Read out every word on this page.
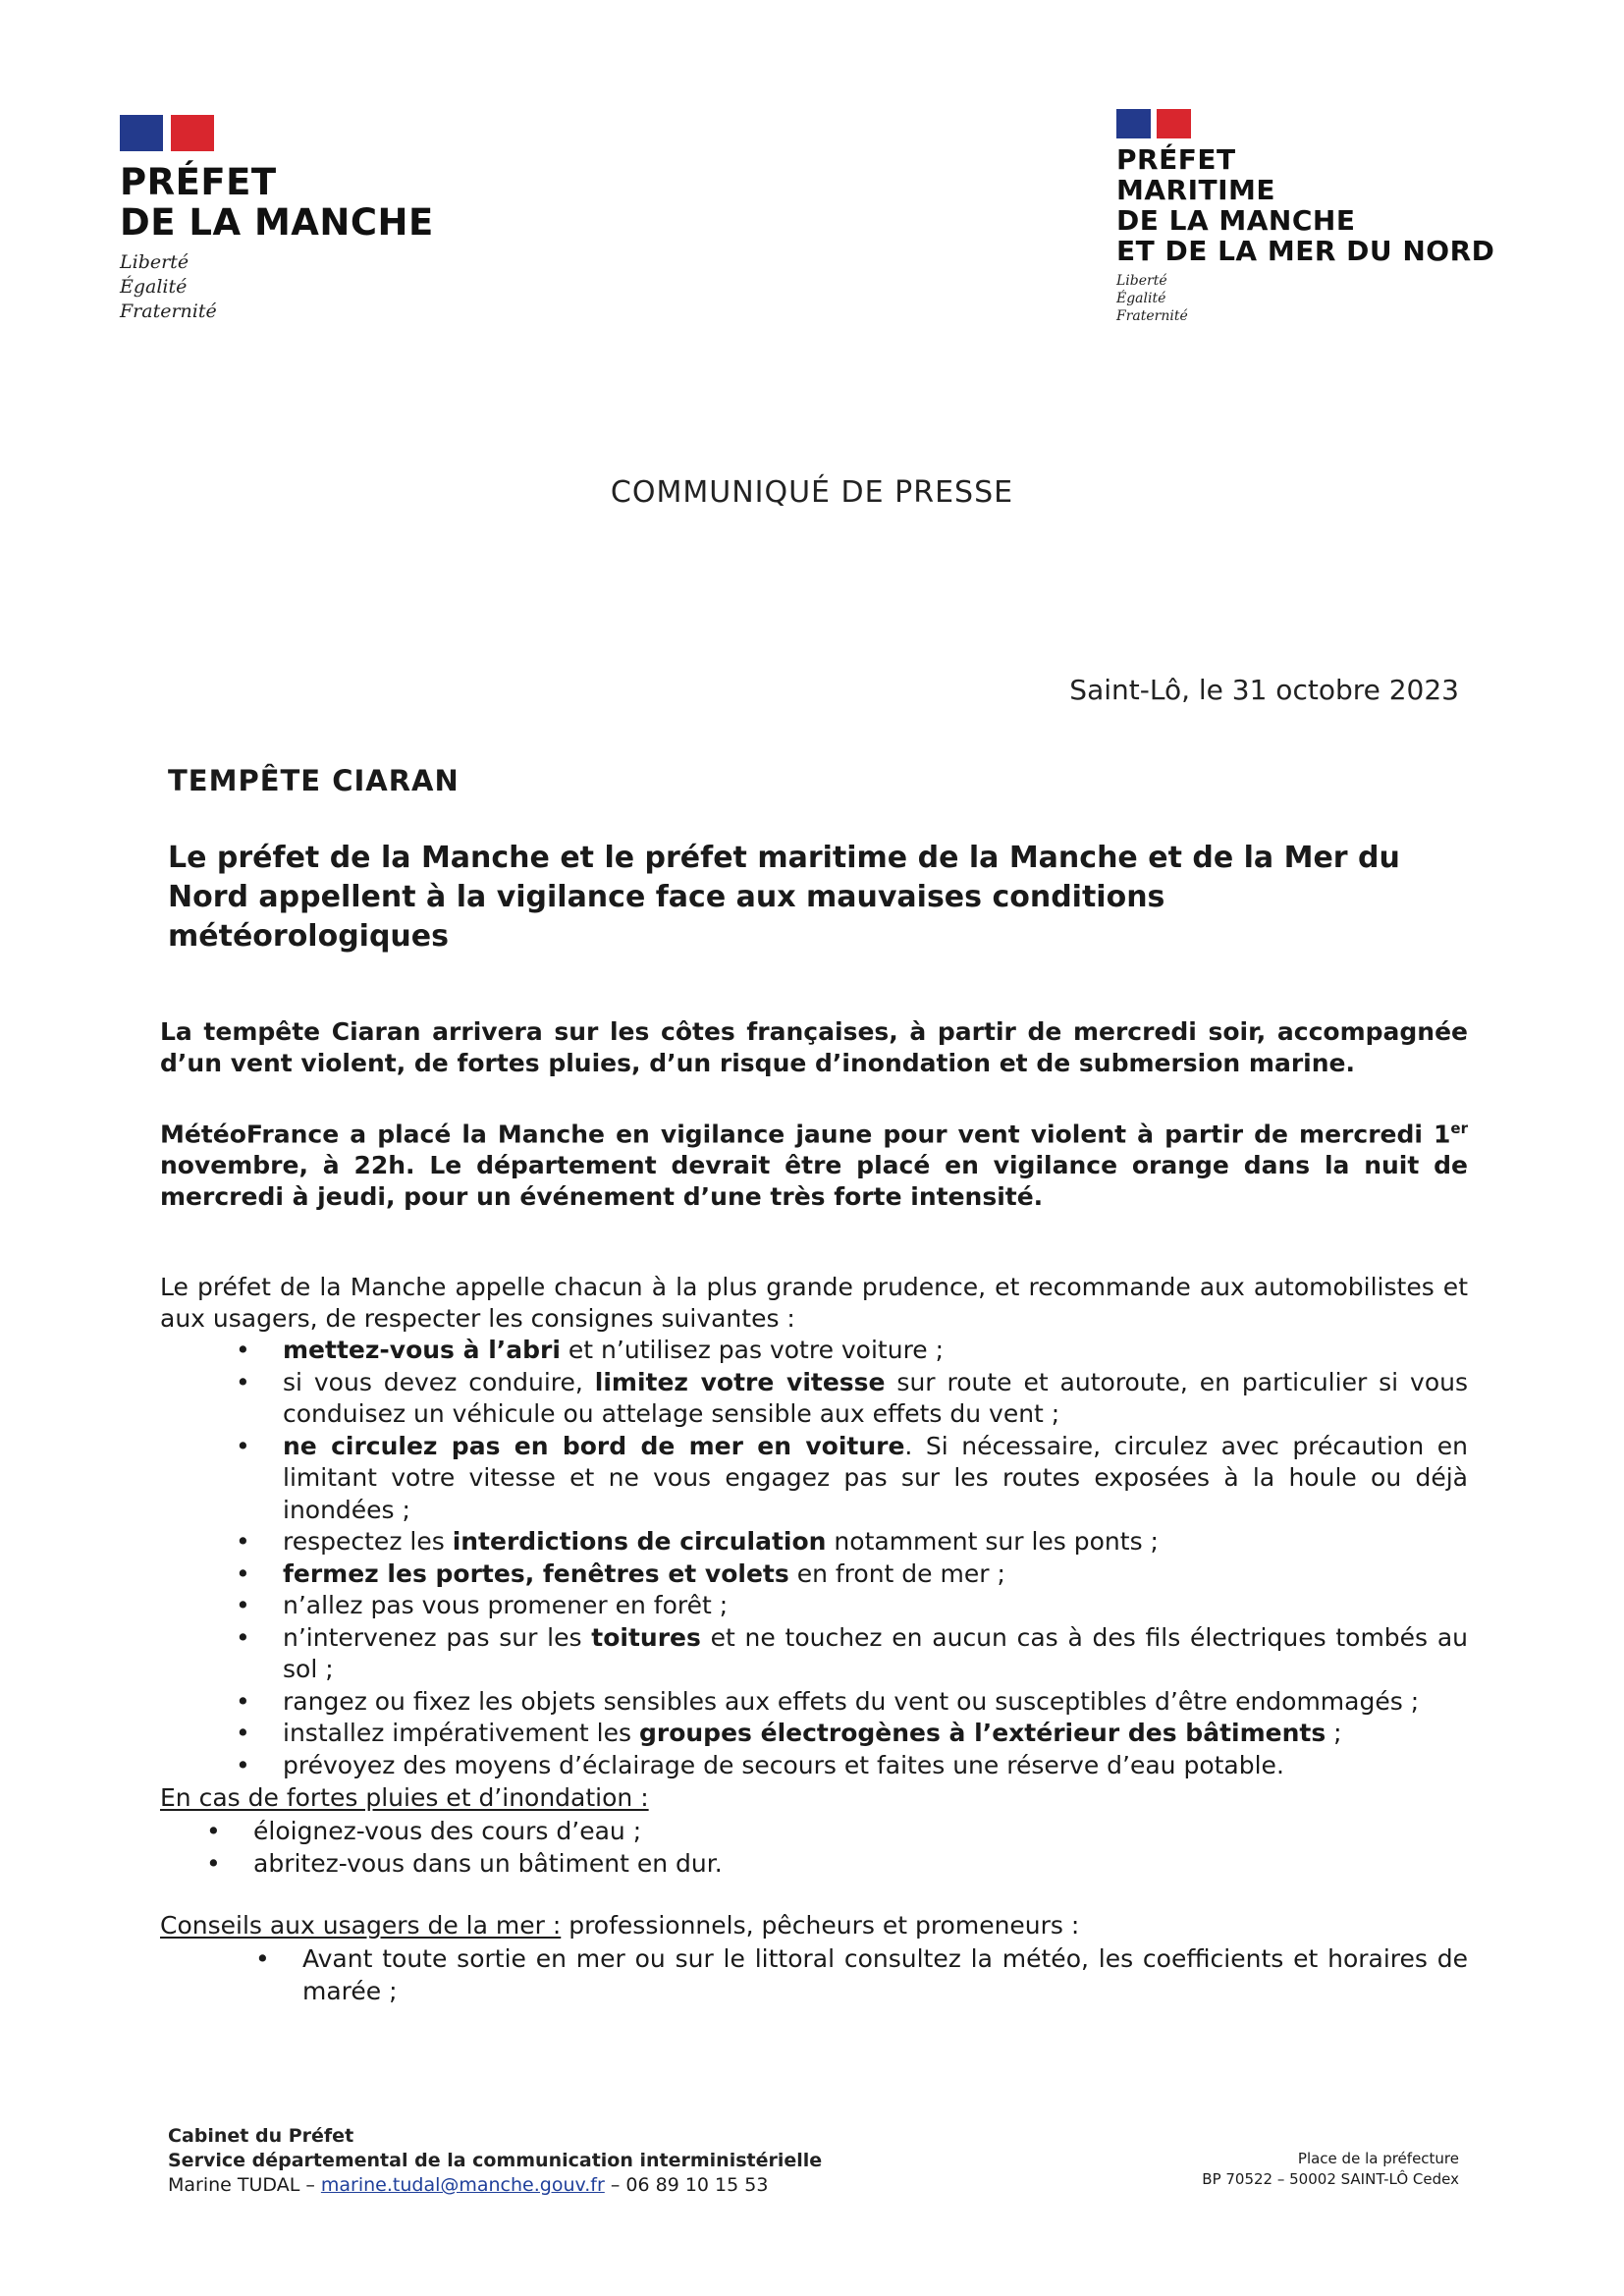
PRÉFET
DE LA MANCHE
Liberté
Égalité
Fraternité
PRÉFET
MARITIME
DE LA MANCHE
ET DE LA MER DU NORD
Liberté
Égalité
Fraternité
COMMUNIQUÉ DE PRESSE
Saint-Lô, le 31 octobre 2023
TEMPÊTE CIARAN
Le préfet de la Manche et le préfet maritime de la Manche et de la Mer du Nord appellent à la vigilance face aux mauvaises conditions météorologiques

La tempête Ciaran arrivera sur les côtes françaises, à partir de mercredi soir, accompagnée d’un vent violent, de fortes pluies, d’un risque d’inondation et de submersion marine.

MétéoFrance a placé la Manche en vigilance jaune pour vent violent à partir de mercredi 1er novembre, à 22h. Le département devrait être placé en vigilance orange dans la nuit de mercredi à jeudi, pour un événement d’une très forte intensité.

Le préfet de la Manche appelle chacun à la plus grande prudence, et recommande aux automobilistes et aux usagers, de respecter les consignes suivantes :

• mettez-vous à l’abri et n’utilisez pas votre voiture ;
• si vous devez conduire, limitez votre vitesse sur route et autoroute, en particulier si vous conduisez un véhicule ou attelage sensible aux effets du vent ;
• ne circulez pas en bord de mer en voiture. Si nécessaire, circulez avec précaution en limitant votre vitesse et ne vous engagez pas sur les routes exposées à la houle ou déjà inondées ;
• respectez les interdictions de circulation notamment sur les ponts ;
• fermez les portes, fenêtres et volets en front de mer ;
• n’allez pas vous promener en forêt ;
• n’intervenez pas sur les toitures et ne touchez en aucun cas à des fils électriques tombés au sol ;
• rangez ou fixez les objets sensibles aux effets du vent ou susceptibles d’être endommagés ;
• installez impérativement les groupes électrogènes à l’extérieur des bâtiments ;
• prévoyez des moyens d’éclairage de secours et faites une réserve d’eau potable.
En cas de fortes pluies et d’inondation :
• éloignez-vous des cours d’eau ;
• abritez-vous dans un bâtiment en dur.
Conseils aux usagers de la mer : professionnels, pêcheurs et promeneurs :
• Avant toute sortie en mer ou sur le littoral consultez la météo, les coefficients et horaires de marée ;
Cabinet du Préfet
Service départemental de la communication interministérielle
Marine TUDAL – marine.tudal@manche.gouv.fr – 06 89 10 15 53
Place de la préfecture
BP 70522 – 50002 SAINT-LÔ Cedex
